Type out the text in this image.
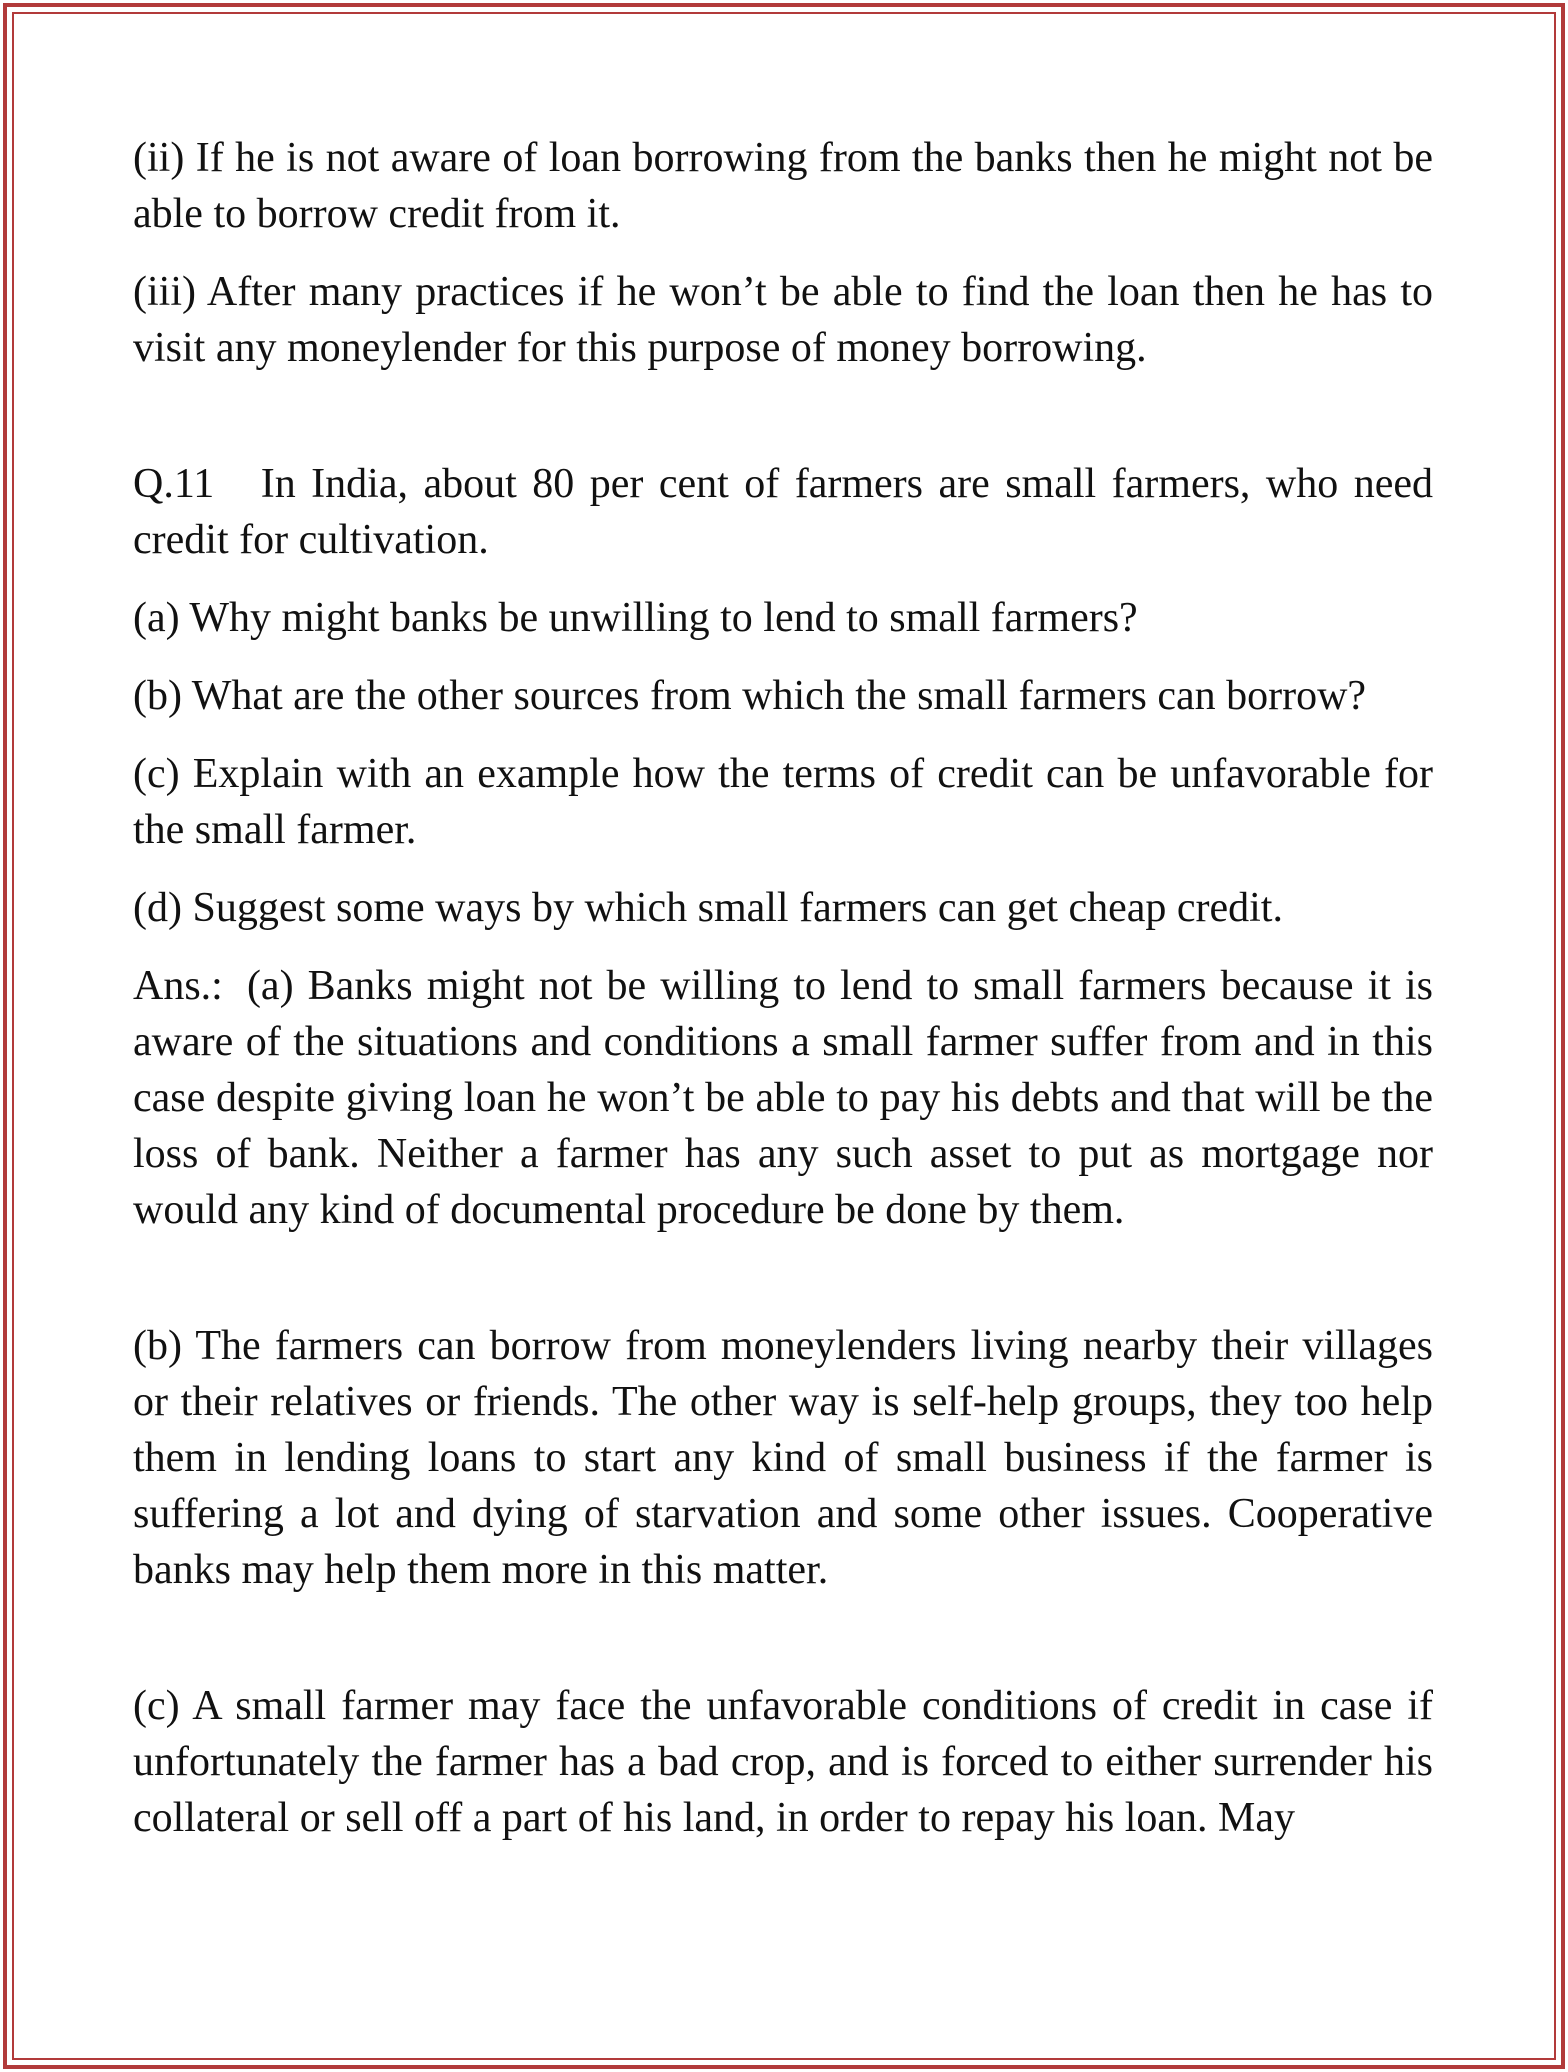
(ii) If he is not aware of loan borrowing from the banks then he might not be able to borrow credit from it.

(iii) After many practices if he won’t be able to find the loan then he has to visit any moneylender for this purpose of money borrowing.

Q.11 In India, about 80 per cent of farmers are small farmers, who need credit for cultivation.

(a) Why might banks be unwilling to lend to small farmers?

(b) What are the other sources from which the small farmers can borrow?

(c) Explain with an example how the terms of credit can be unfavorable for the small farmer.

(d) Suggest some ways by which small farmers can get cheap credit.

Ans.: (a) Banks might not be willing to lend to small farmers because it is aware of the situations and conditions a small farmer suffer from and in this case despite giving loan he won’t be able to pay his debts and that will be the loss of bank. Neither a farmer has any such asset to put as mortgage nor would any kind of documental procedure be done by them.

(b) The farmers can borrow from moneylenders living nearby their villages or their relatives or friends. The other way is self-help groups, they too help them in lending loans to start any kind of small business if the farmer is suffering a lot and dying of starvation and some other issues. Cooperative banks may help them more in this matter.

(c) A small farmer may face the unfavorable conditions of credit in case if unfortunately the farmer has a bad crop, and is forced to either surrender his collateral or sell off a part of his land, in order to repay his loan. May
